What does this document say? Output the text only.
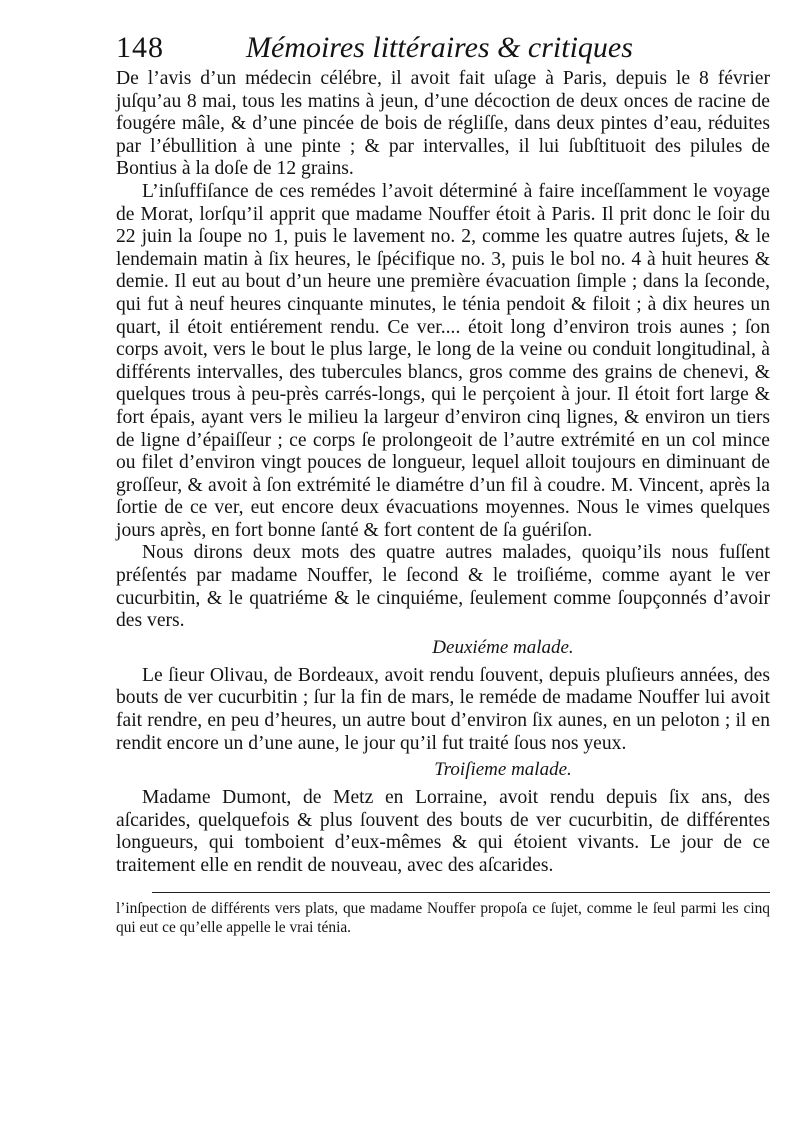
148	Mémoires littéraires & critiques

De l’avis d’un médecin célébre, il avoit fait uſage à Paris, depuis le 8 février juſqu’au 8 mai, tous les matins à jeun, d’une décoction de deux onces de racine de fougére mâle, & d’une pincée de bois de régliſſe, dans deux pintes d’eau, réduites par l’ébullition à une pinte ; & par intervalles, il lui ſubſtituoit des pilules de Bontius à la doſe de 12 grains.

L’inſuffiſance de ces remédes l’avoit déterminé à faire inceſſamment le voyage de Morat, lorſqu’il apprit que madame Nouffer étoit à Paris. Il prit donc le ſoir du 22 juin la ſoupe no 1, puis le lavement no. 2, comme les quatre autres ſujets, & le lendemain matin à ſix heures, le ſpécifique no. 3, puis le bol no. 4 à huit heures & demie. Il eut au bout d’un heure une première évacuation ſimple ; dans la ſeconde, qui fut à neuf heures cinquante minutes, le ténia pendoit & filoit ; à dix heures un quart, il étoit entiérement rendu. Ce ver.... étoit long d’environ trois aunes ; ſon corps avoit, vers le bout le plus large, le long de la veine ou conduit longitudinal, à différents intervalles, des tubercules blancs, gros comme des grains de chenevi, & quelques trous à peu-près carrés-longs, qui le perçoient à jour. Il étoit fort large & fort épais, ayant vers le milieu la largeur d’environ cinq lignes, & environ un tiers de ligne d’épaiſſeur ; ce corps ſe prolongeoit de l’autre extrémité en un col mince ou filet d’environ vingt pouces de longueur, lequel alloit toujours en diminuant de groſſeur, & avoit à ſon extrémité le diamétre d’un fil à coudre. M. Vincent, après la ſortie de ce ver, eut encore deux évacuations moyennes. Nous le vimes quelques jours après, en fort bonne ſanté & fort content de ſa guériſon.

Nous dirons deux mots des quatre autres malades, quoiqu’ils nous fuſſent préſentés par madame Nouffer, le ſecond & le troiſiéme, comme ayant le ver cucurbitin, & le quatriéme & le cinquiéme, ſeulement comme ſoupçonnés d’avoir des vers.

Deuxiéme malade.

Le ſieur Olivau, de Bordeaux, avoit rendu ſouvent, depuis pluſieurs années, des bouts de ver cucurbitin ; ſur la fin de mars, le reméde de madame Nouffer lui avoit fait rendre, en peu d’heures, un autre bout d’environ ſix aunes, en un peloton ; il en rendit encore un d’une aune, le jour qu’il fut traité ſous nos yeux.

Troiſieme malade.

Madame Dumont, de Metz en Lorraine, avoit rendu depuis ſix ans, des aſcarides, quelquefois & plus ſouvent des bouts de ver cucurbitin, de différentes longueurs, qui tomboient d’eux-mêmes & qui étoient vivants. Le jour de ce traitement elle en rendit de nouveau, avec des aſcarides.

l’inſpection de différents vers plats, que madame Nouffer propoſa ce ſujet, comme le ſeul parmi les cinq qui eut ce qu’elle appelle le vrai ténia.
